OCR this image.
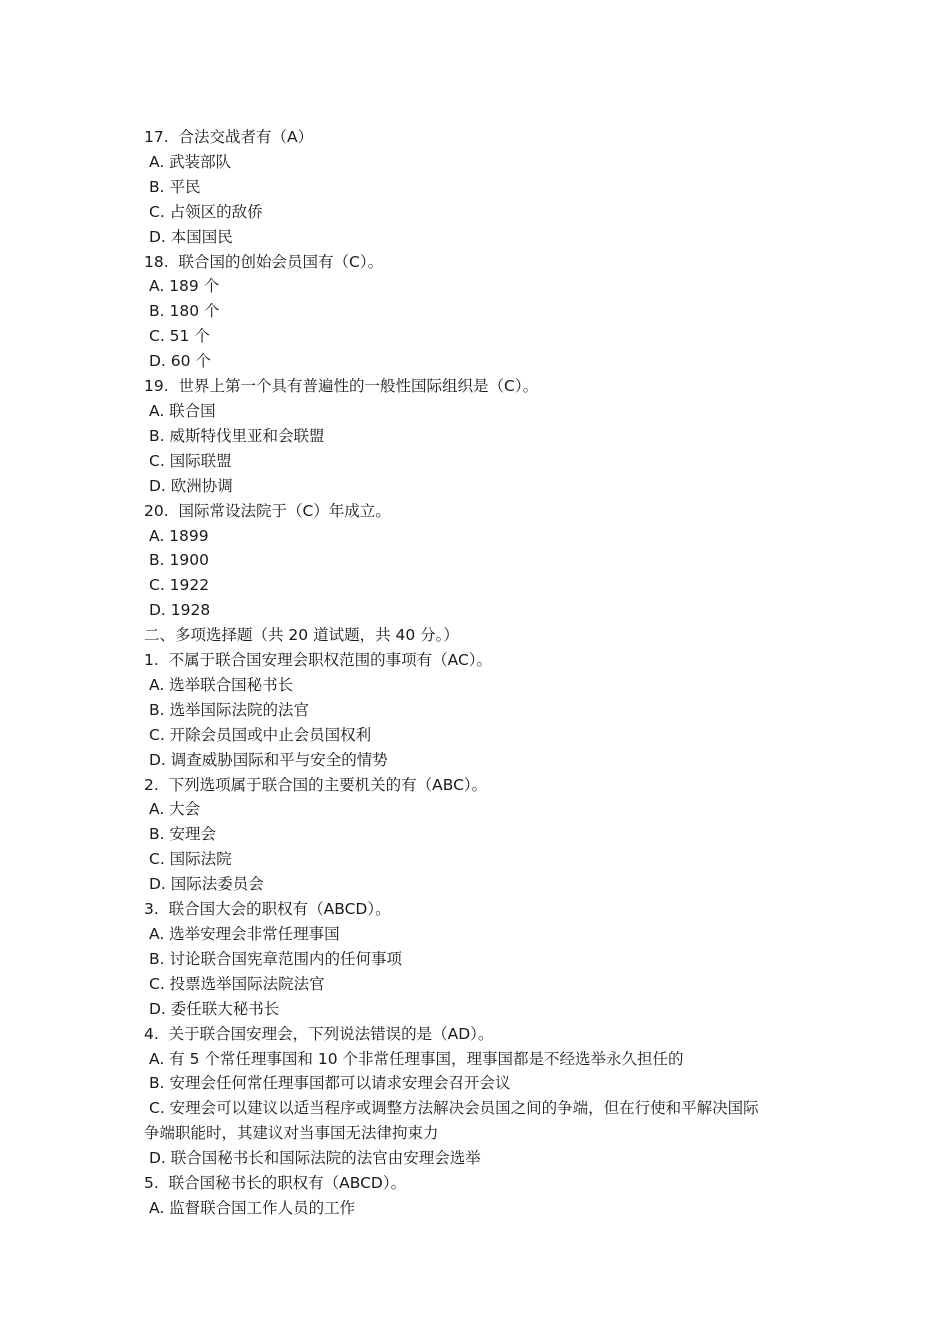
17.  合法交战者有（A）

A. 武装部队

B. 平民

C. 占领区的敌侨

D. 本国国民

18.  联合国的创始会员国有（C）。

A. 189 个

B. 180 个

C. 51 个

D. 60 个

19.  世界上第一个具有普遍性的一般性国际组织是（C）。

A. 联合国

B. 威斯特伐里亚和会联盟

C. 国际联盟

D. 欧洲协调

20.  国际常设法院于（C）年成立。

A. 1899

B. 1900

C. 1922

D. 1928

二、多项选择题（共 20 道试题，共 40 分。）

1.  不属于联合国安理会职权范围的事项有（AC）。

A. 选举联合国秘书长

B. 选举国际法院的法官

C. 开除会员国或中止会员国权利

D. 调查威胁国际和平与安全的情势

2.  下列选项属于联合国的主要机关的有（ABC）。

A. 大会

B. 安理会

C. 国际法院

D. 国际法委员会

3.  联合国大会的职权有（ABCD）。

A. 选举安理会非常任理事国

B. 讨论联合国宪章范围内的任何事项

C. 投票选举国际法院法官

D. 委任联大秘书长

4.  关于联合国安理会，下列说法错误的是（AD）。

A. 有 5 个常任理事国和 10 个非常任理事国，理事国都是不经选举永久担任的

B. 安理会任何常任理事国都可以请求安理会召开会议

C. 安理会可以建议以适当程序或调整方法解决会员国之间的争端，但在行使和平解决国际

争端职能时，其建议对当事国无法律拘束力

D. 联合国秘书长和国际法院的法官由安理会选举

5.  联合国秘书长的职权有（ABCD）。

A. 监督联合国工作人员的工作
